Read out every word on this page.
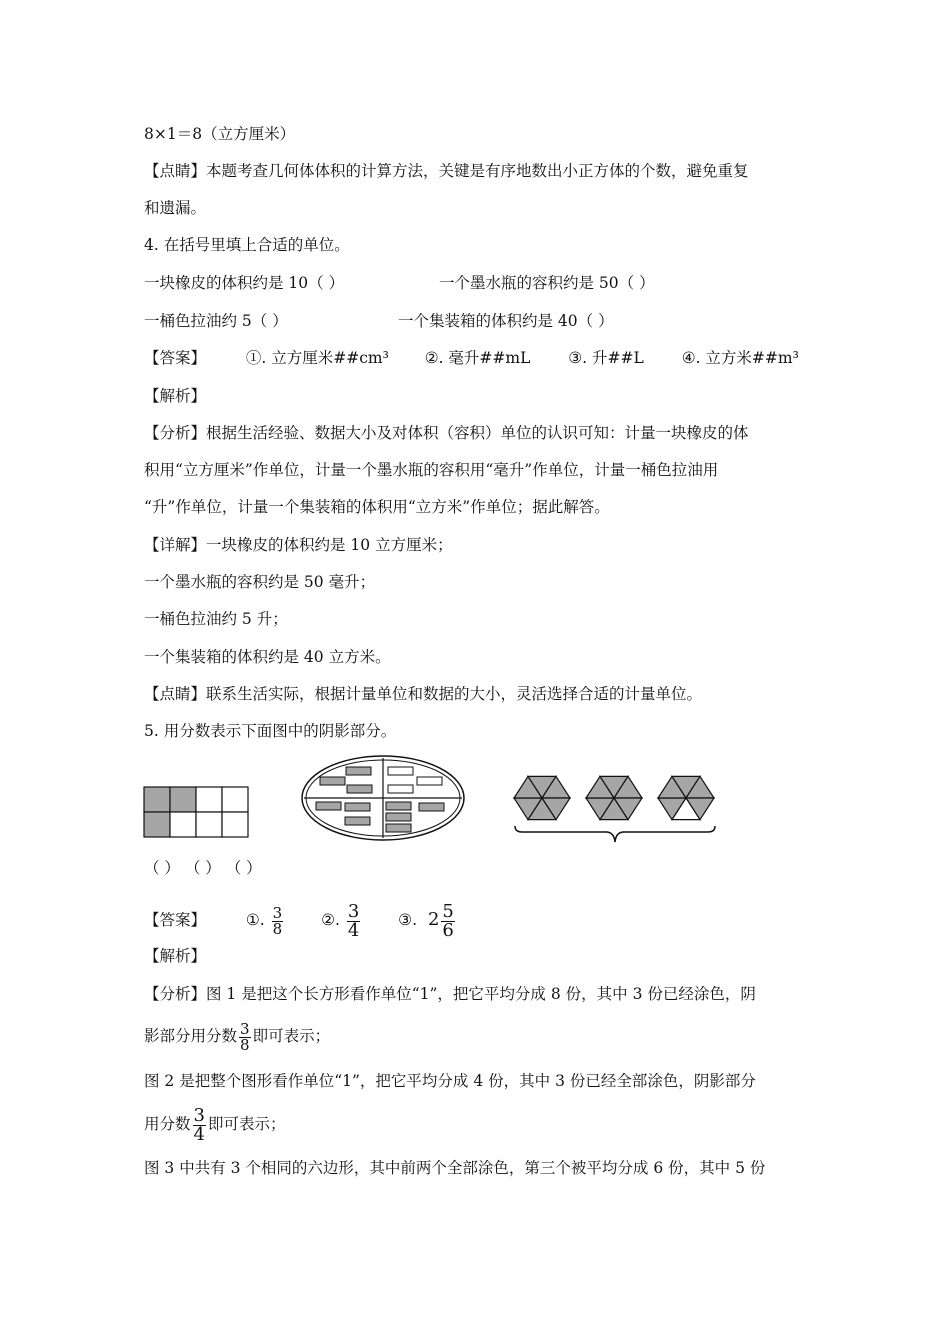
8×1＝8（立方厘米）
【点睛】本题考查几何体体积的计算方法，关键是有序地数出小正方体的个数，避免重复
和遗漏。
4. 在括号里填上合适的单位。
一块橡皮的体积约是 10（ ）	一个墨水瓶的容积约是 50（ ）
一桶色拉油约 5（ ）	一个集装箱的体积约是 40（ ）
【答案】	①. 立方厘米##cm³ ②. 毫升##mL ③. 升##L ④. 立方米##m³
【解析】
【分析】根据生活经验、数据大小及对体积（容积）单位的认识可知：计量一块橡皮的体
积用“立方厘米”作单位，计量一个墨水瓶的容积用“毫升”作单位，计量一桶色拉油用
“升”作单位，计量一个集装箱的体积用“立方米”作单位；据此解答。
【详解】一块橡皮的体积约是 10 立方厘米；
一个墨水瓶的容积约是 50 毫升；
一桶色拉油约 5 升；
一个集装箱的体积约是 40 立方米。
【点睛】联系生活实际，根据计量单位和数据的大小，灵活选择合适的计量单位。
5. 用分数表示下面图中的阴影部分。
（ ） （ ） （ ）
【答案】	①. $\frac{3}{8}$ ②. $\frac{3}{4}$ ③. $2 \frac{5}{6}$
【解析】
【分析】图 1 是把这个长方形看作单位“1”，把它平均分成 8 份，其中 3 份已经涂色，阴
影部分用分数 $\frac{3}{8}$ 即可表示；
图 2 是把整个图形看作单位“1”，把它平均分成 4 份，其中 3 份已经全部涂色，阴影部分
用分数 $\frac{3}{4}$ 即可表示；
图 3 中共有 3 个相同的六边形，其中前两个全部涂色，第三个被平均分成 6 份，其中 5 份
